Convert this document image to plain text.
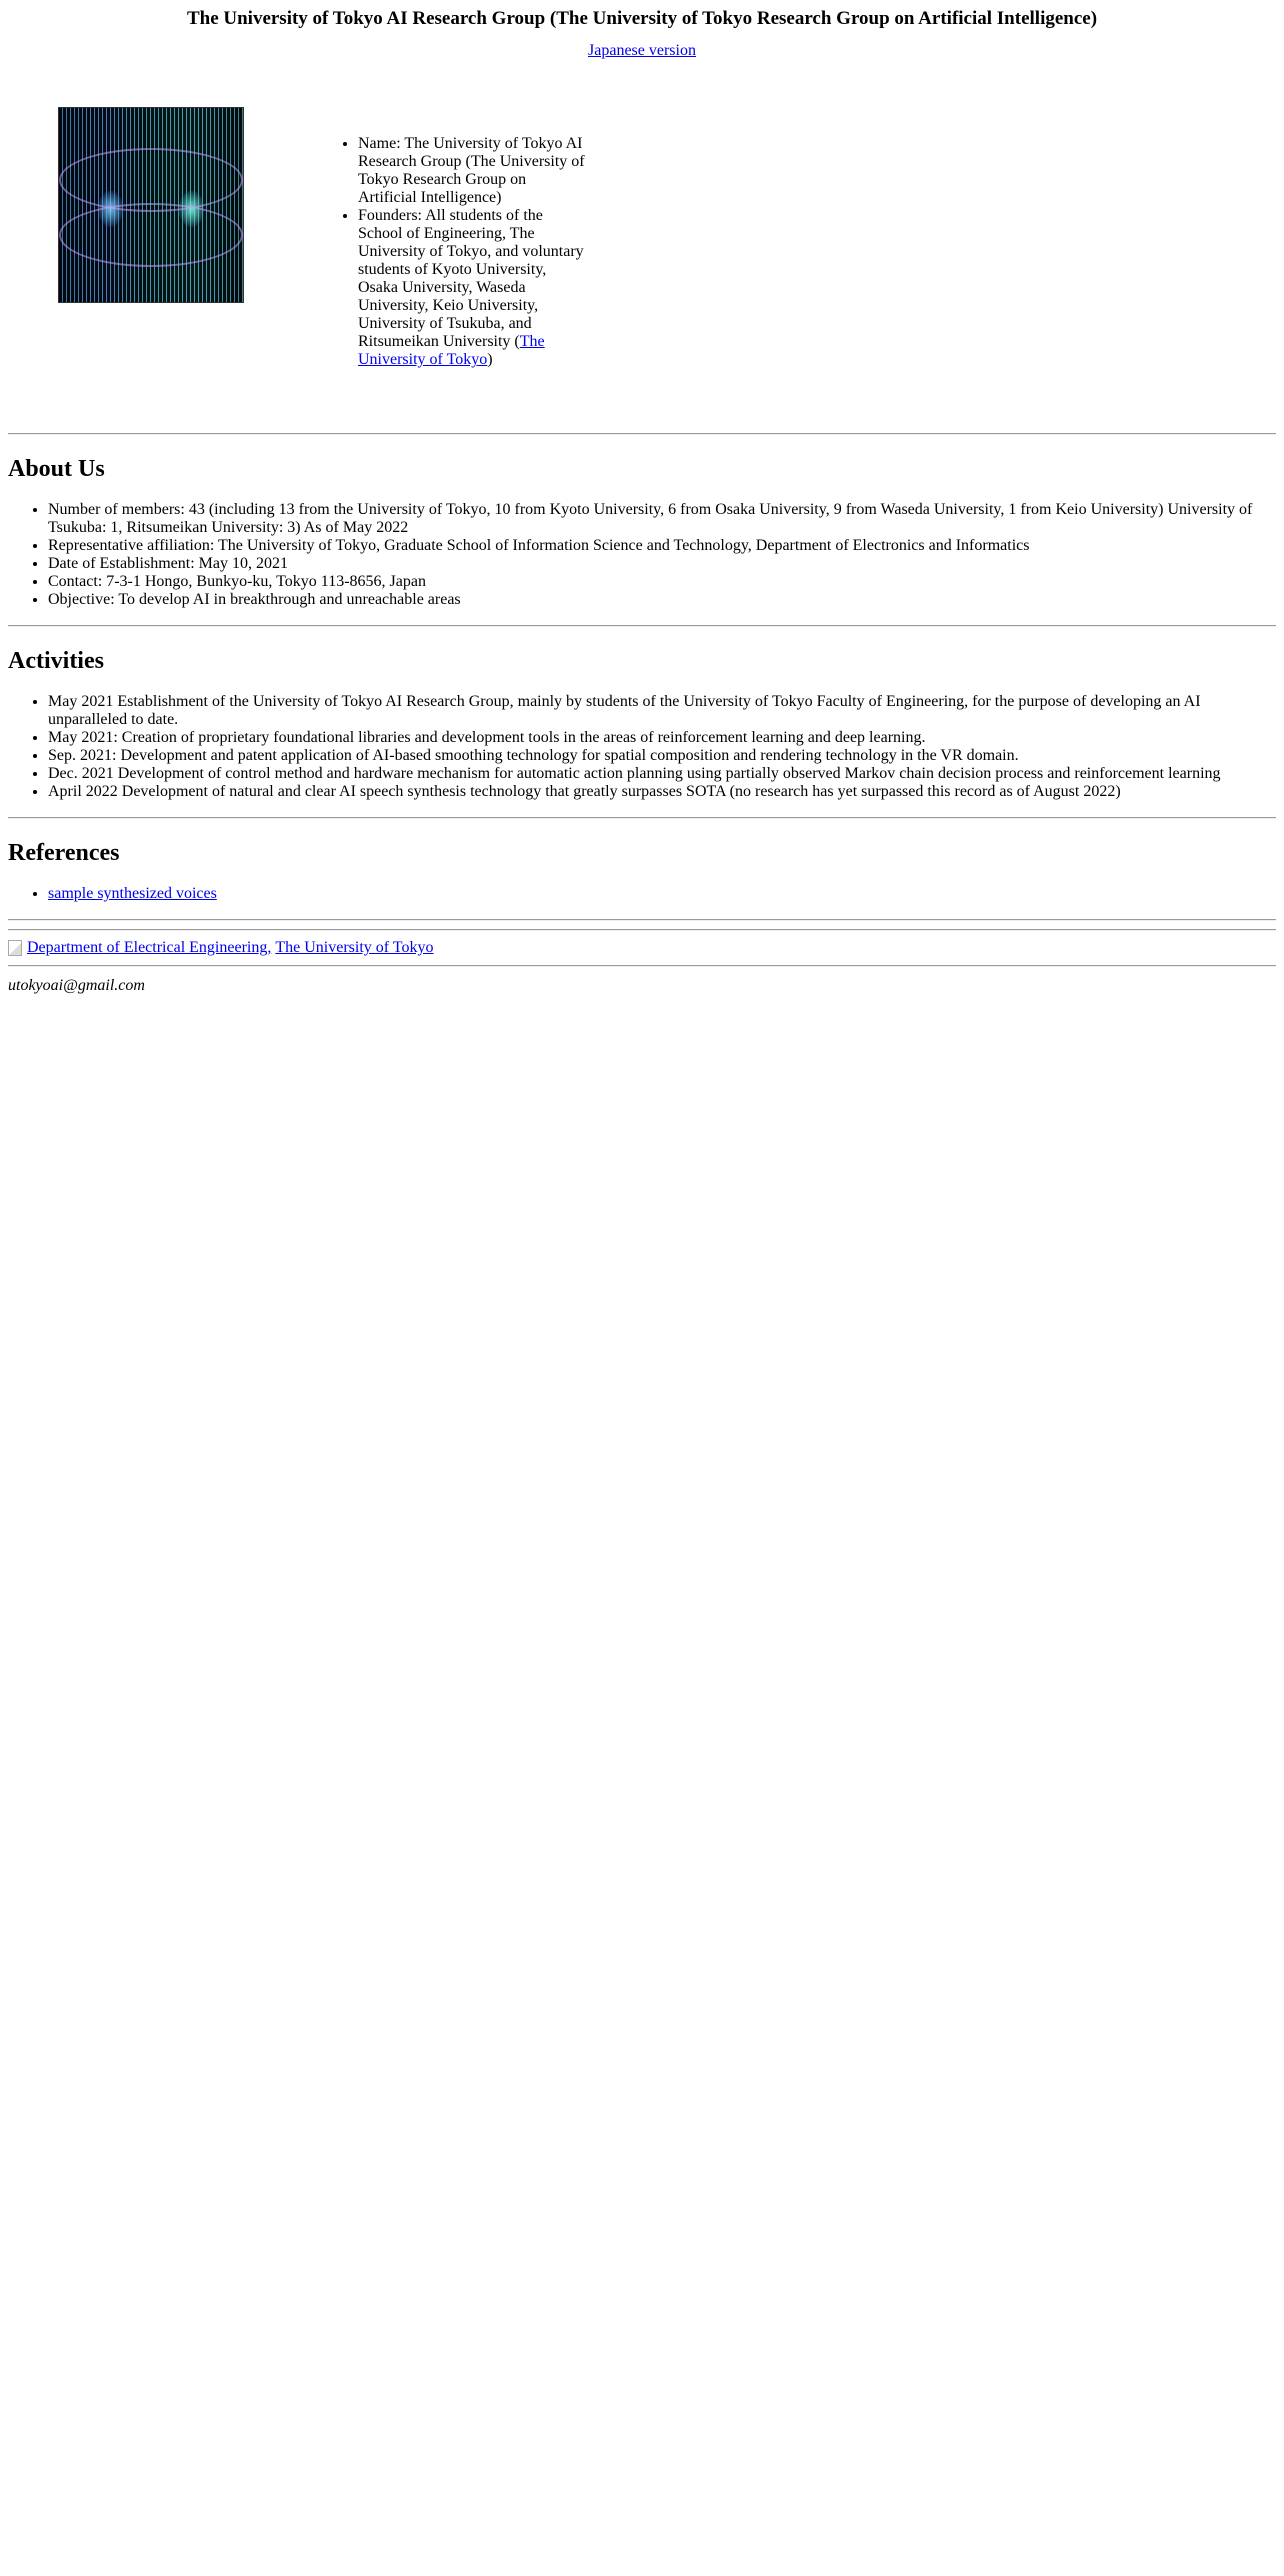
The University of Tokyo AI Research Group (The University of Tokyo Research Group on Artificial Intelligence)
Japanese version
• Name: The University of Tokyo AI Research Group (The University of Tokyo Research Group on Artificial Intelligence)
• Founders: All students of the School of Engineering, The University of Tokyo, and voluntary students of Kyoto University, Osaka University, Waseda University, Keio University, University of Tsukuba, and Ritsumeikan University (The University of Tokyo)
About Us
• Number of members: 43 (including 13 from the University of Tokyo, 10 from Kyoto University, 6 from Osaka University, 9 from Waseda University, 1 from Keio University) University of Tsukuba: 1, Ritsumeikan University: 3) As of May 2022
• Representative affiliation: The University of Tokyo, Graduate School of Information Science and Technology, Department of Electronics and Informatics
• Date of Establishment: May 10, 2021
• Contact: 7-3-1 Hongo, Bunkyo-ku, Tokyo 113-8656, Japan
• Objective: To develop AI in breakthrough and unreachable areas
Activities
• May 2021 Establishment of the University of Tokyo AI Research Group, mainly by students of the University of Tokyo Faculty of Engineering, for the purpose of developing an AI unparalleled to date.
• May 2021: Creation of proprietary foundational libraries and development tools in the areas of reinforcement learning and deep learning.
• Sep. 2021: Development and patent application of AI-based smoothing technology for spatial composition and rendering technology in the VR domain.
• Dec. 2021 Development of control method and hardware mechanism for automatic action planning using partially observed Markov chain decision process and reinforcement learning
• April 2022 Development of natural and clear AI speech synthesis technology that greatly surpasses SOTA (no research has yet surpassed this record as of August 2022)
References
• sample synthesized voices
Department of Electrical Engineering,
The University of Tokyo
utokyoai@gmail.com
